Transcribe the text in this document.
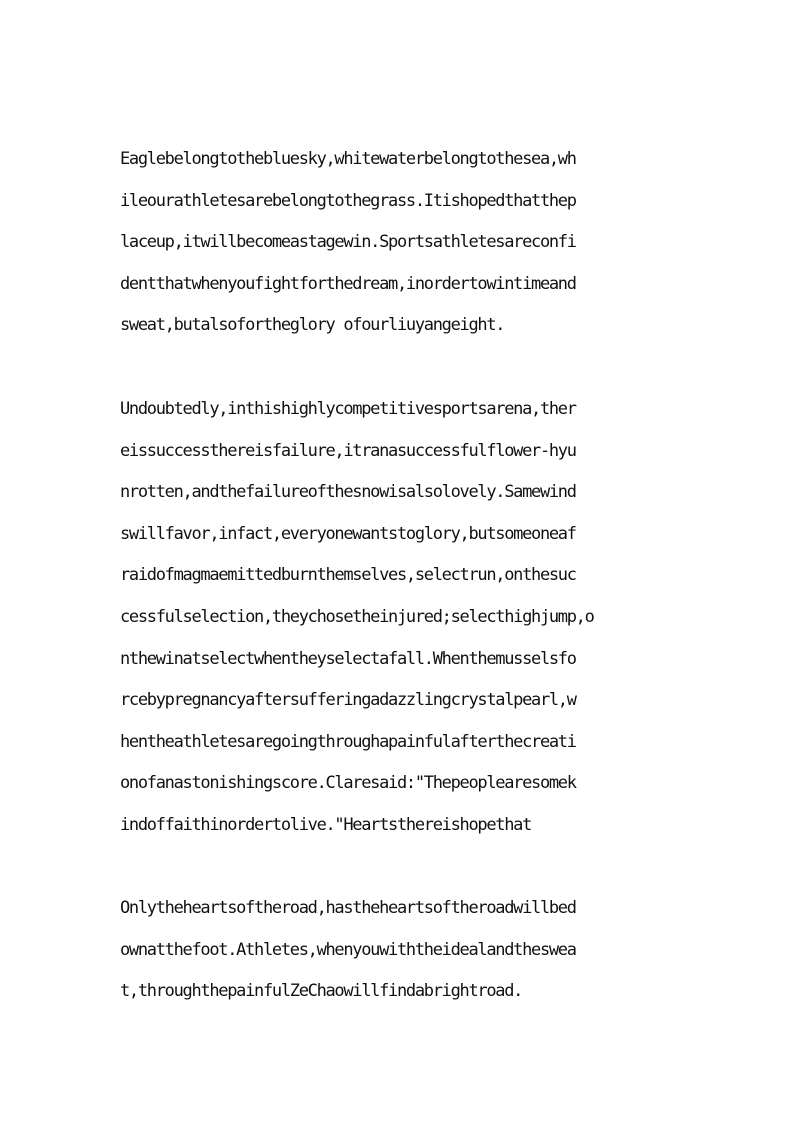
Eaglebelongtothebluesky,whitewaterbelongtothesea,wh
ileourathletesarebelongtothegrass.Itishopedthatthep
laceup,itwillbecomeastagewin.Sportsathletesareconfi
dentthatwhenyoufightforthedream,inordertowintimeand
sweat,butalsofortheglory ofourliuyangeight.
Undoubtedly,inthishighlycompetitivesportsarena,ther
eissuccessthereisfailure,itranasuccessfulflower-hyu
nrotten,andthefailureofthesnowisalsolovely.Samewind
swillfavor,infact,everyonewantstoglory,butsomeoneaf
raidofmagmaemittedburnthemselves,selectrun,onthesuc
cessfulselection,theychosetheinjured;selecthighjump,o
nthewinatselectwhentheyselectafall.Whenthemusselsfo
rcebypregnancyaftersufferingadazzlingcrystalpearl,w
hentheathletesaregoingthroughapainfulafterthecreati
onofanastonishingscore.Claresaid:"Thepeoplearesomek
indoffaithinordertolive."Heartsthereishopethat
Onlytheheartsoftheroad,hastheheartsoftheroadwillbed
ownatthefoot.Athletes,whenyouwiththeidealandtheswea
t,throughthepainfulZeChaowillfindabrightroad.
